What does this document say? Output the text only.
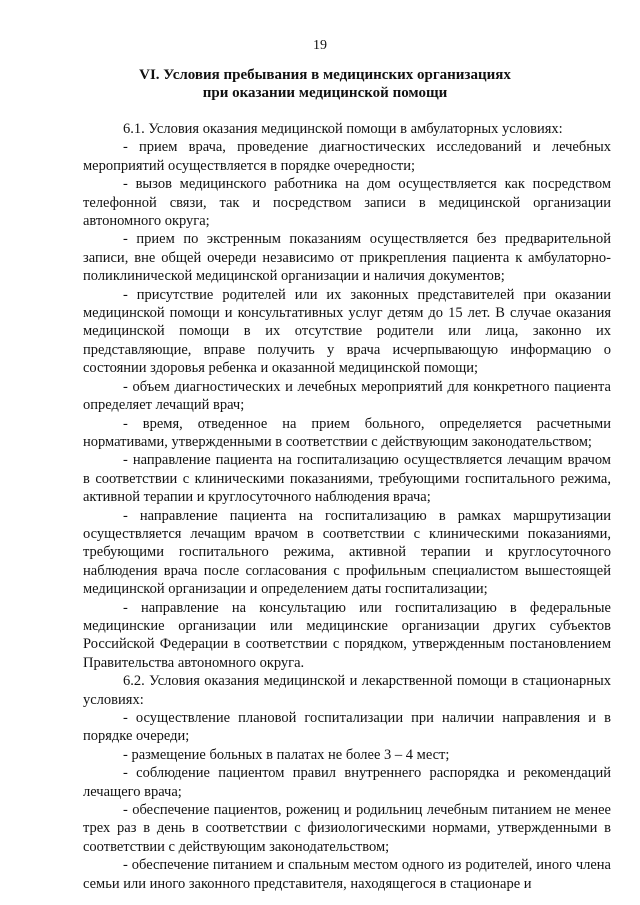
19
VI. Условия пребывания в медицинских организациях
при оказании медицинской помощи

6.1. Условия оказания медицинской помощи в амбулаторных условиях:

- прием врача, проведение диагностических исследований и лечебных мероприятий осуществляется в порядке очередности;

- вызов медицинского работника на дом осуществляется как посредством телефонной связи, так и посредством записи в медицинской организации автономного округа;

- прием по экстренным показаниям осуществляется без предварительной записи, вне общей очереди независимо от прикрепления пациента к амбулаторно-поликлинической медицинской организации и наличия документов;

- присутствие родителей или их законных представителей при оказании медицинской помощи и консультативных услуг детям до 15 лет. В случае оказания медицинской помощи в их отсутствие родители или лица, законно их представляющие, вправе получить у врача исчерпывающую информацию о состоянии здоровья ребенка и оказанной медицинской помощи;

- объем диагностических и лечебных мероприятий для конкретного пациента определяет лечащий врач;

- время, отведенное на прием больного, определяется расчетными нормативами, утвержденными в соответствии с действующим законодательством;

- направление пациента на госпитализацию осуществляется лечащим врачом в соответствии с клиническими показаниями, требующими госпитального режима, активной терапии и круглосуточного наблюдения врача;

- направление пациента на госпитализацию в рамках маршрутизации осуществляется лечащим врачом в соответствии с клиническими показаниями, требующими госпитального режима, активной терапии и круглосуточного наблюдения врача после согласования с профильным специалистом вышестоящей медицинской организации и определением даты госпитализации;

- направление на консультацию или госпитализацию в федеральные медицинские организации или медицинские организации других субъектов Российской Федерации в соответствии с порядком, утвержденным постановлением Правительства автономного округа.

6.2. Условия оказания медицинской и лекарственной помощи в стационарных условиях:

- осуществление плановой госпитализации при наличии направления и в порядке очереди;

- размещение больных в палатах не более 3 – 4 мест;

- соблюдение пациентом правил внутреннего распорядка и рекомендаций лечащего врача;

- обеспечение пациентов, рожениц и родильниц лечебным питанием не менее трех раз в день в соответствии с физиологическими нормами, утвержденными в соответствии с действующим законодательством;

- обеспечение питанием и спальным местом одного из родителей, иного члена семьи или иного законного представителя, находящегося в стационаре и
